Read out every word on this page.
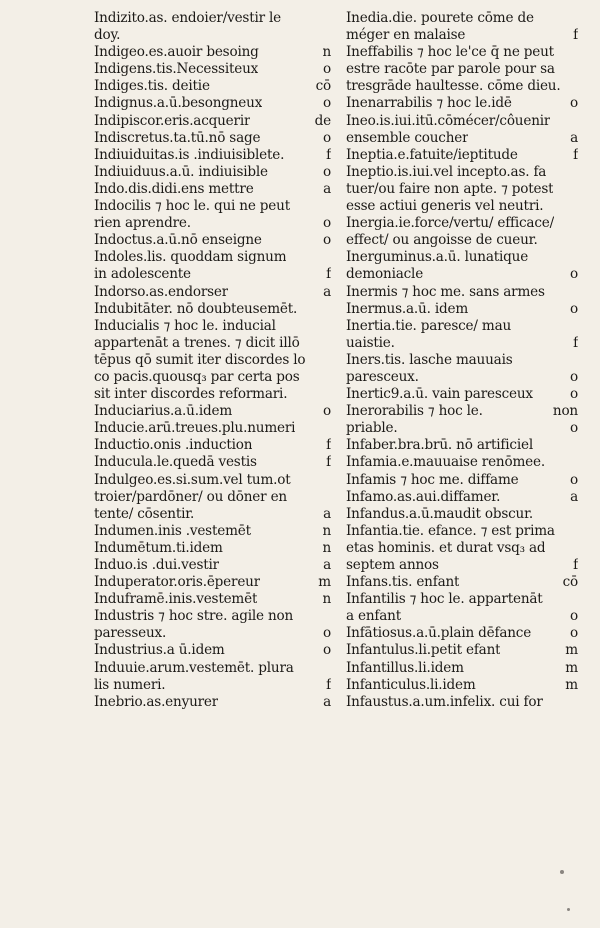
Indizito.as. endoier/vestir le
doy.
Indigeo.es.auoir besoing	n
Indigens.tis.Necessiteux	o
Indiges.tis. deitie	cō
Indignus.a.ū.besongneux	o
Indipiscor.eris.acquerir	de
Indiscretus.ta.tū.nō sage	o
Indiuiduitas.is .indiuisiblete.	f
Indiuiduus.a.ū. indiuisible	o
Indo.dis.didi.ens mettre	a
Indocilis ⁊ hoc le. qui ne peut
rien aprendre.	o
Indoctus.a.ū.nō enseigne	o
Indoles.lis. quoddam signum
in adolescente	f
Indorso.as.endorser	a
Indubitāter. nō doubteusemēt.
Inducialis ⁊ hoc le. inducial
appartenāt a trenes. ⁊ dicit illō
tēpus qō sumit iter discordes lo
co pacis.quousq₃ par certa pos
sit inter discordes reformari.
Induciarius.a.ū.idem	o
Inducie.arū.treues.plu.numeri
Inductio.onis .induction	f
Inducula.le.quedā vestis	f
Indulgeo.es.si.sum.vel tum.ot
troier/pardōner/ ou dōner en
tente/ cōsentir.	a
Indumen.inis .vestemēt	n
Indumētum.ti.idem	n
Induo.is .dui.vestir	a
Induperator.oris.ēpereur	m
Induframē.inis.vestemēt	n
Industris ⁊ hoc stre. agile non
paresseux.	o
Industrius.a ū.idem	o
Induuie.arum.vestemēt. plura
lis numeri.	f
Inebrio.as.enyurer	a
Inedia.die. pourete cōme de
méger en malaise	f
Ineffabilis ⁊ hoc le'ce q̄ ne peut
estre racōte par parole pour sa
tresgrāde haultesse. cōme dieu.
Inenarrabilis ⁊ hoc le.idē	o
Ineo.is.iui.itū.cōmécer/côuenir
ensemble coucher	a
Ineptia.e.fatuite/ieptitude	f
Ineptio.is.iui.vel incepto.as. fa
tuer/ou faire non apte. ⁊ potest
esse actiui generis vel neutri.
Inergia.ie.force/vertu/ efficace/
effect/ ou angoisse de cueur.
Inerguminus.a.ū. lunatique
demoniacle	o
Inermis ⁊ hoc me. sans armes
Inermus.a.ū. idem	o
Inertia.tie. paresce/ mau
uaistie.	f
Iners.tis. lasche mauuais
paresceux.	o
Inertic9.a.ū. vain paresceux	o
Inerorabilis ⁊ hoc le.	non
priable.	o
Infaber.bra.brū. nō artificiel
Infamia.e.mauuaise renōmee.
Infamis ⁊ hoc me. diffame	o
Infamo.as.aui.diffamer.	a
Infandus.a.ū.maudit obscur.
Infantia.tie. efance. ⁊ est prima
etas hominis. et durat vsq₃ ad
septem annos	f
Infans.tis. enfant	cō
Infantilis ⁊ hoc le. appartenāt
a enfant	o
Infātiosus.a.ū.plain dēfance	o
Infantulus.li.petit efant	m
Infantillus.li.idem	m
Infanticulus.li.idem	m
Infaustus.a.um.infelix. cui for
